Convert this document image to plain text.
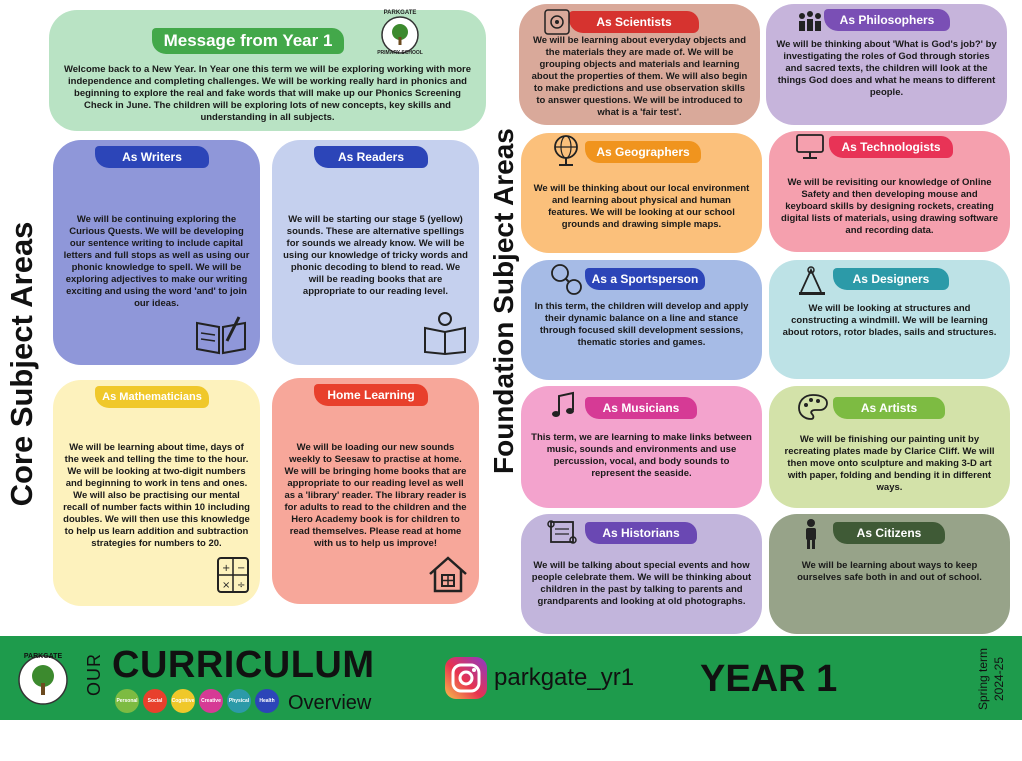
Message from Year 1
Welcome back to a New Year. In Year one this term we will be exploring working with more independence and completing challenges. We will be working really hard in phonics and beginning to explore the real and fake words that will make up our Phonics Screening Check in June. The children will be exploring lots of new concepts, key skills and understanding in all subjects.
PARKGATE
PRIMARY SCHOOL
Core Subject Areas	Foundation Subject Areas
As Writers
We will be continuing exploring the Curious Quests. We will be developing our sentence writing to include capital letters and full stops as well as using our phonic knowledge to spell. We will be exploring adjectives to make our writing exciting and using the word 'and' to join our ideas.
As Readers
We will be starting our stage 5 (yellow) sounds. These are alternative spellings for sounds we already know. We will be using our knowledge of tricky words and phonic decoding to blend to read. We will be reading books that are appropriate to our reading level.
As Mathematicians
We will be learning about time, days of the week and telling the time to the hour. We will be looking at two-digit numbers and beginning to work in tens and ones. We will also be practising our mental recall of number facts within 10 including doubles. We will then use this knowledge to help us learn addition and subtraction strategies for numbers to 20.
+ −
× ÷
Home Learning
We will be loading our new sounds weekly to Seesaw to practise at home. We will be bringing home books that are appropriate to our reading level as well as a 'library' reader. The library reader is for adults to read to the children and the Hero Academy book is for children to read themselves. Please read at home with us to help us improve!
As Scientists
We will be learning about everyday objects and the materials they are made of. We will be grouping objects and materials and learning about the properties of them. We will also begin to make predictions and use observation skills to answer questions. We will be introduced to what is a 'fair test'.
As Philosophers
We will be thinking about 'What is God's job?' by investigating the roles of God through stories and sacred texts, the children will look at the things God does and what he means to different people.
As Geographers
We will be thinking about our local environment and learning about physical and human features. We will be looking at our school grounds and drawing simple maps.
As Technologists
We will be revisiting our knowledge of Online Safety and then developing mouse and keyboard skills by designing rockets, creating digital lists of materials, using drawing software and recording data.
As a Sportsperson
In this term, the children will develop and apply their dynamic balance on a line and stance through focused skill development sessions, thematic stories and games.
As Designers
We will be looking at structures and constructing a windmill. We will be learning about rotors, rotor blades, sails and structures.
As Musicians
This term, we are learning to make links between music, sounds and environments and use percussion, vocal, and body sounds to represent the seaside.
As Artists
We will be finishing our painting unit by recreating plates made by Clarice Cliff. We will then move onto sculpture and making 3-D art with paper, folding and bending it in different ways.
As Historians
We will be talking about special events and how people celebrate them. We will be thinking about children in the past by talking to parents and grandparents and looking at old photographs.
As Citizens
We will be learning about ways to keep ourselves safe both in and out of school.
PARKGATE OUR CURRICULUM
Personal	Social	Cognitive	Creative	Physical	Health and Fitness
Overview
parkgate_yr1 YEAR 1	Spring term 2024-25
